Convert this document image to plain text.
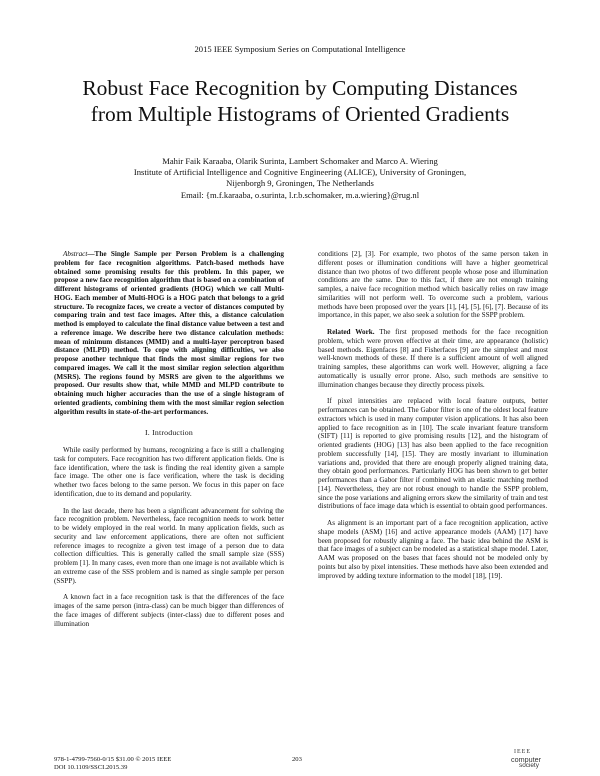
2015 IEEE Symposium Series on Computational Intelligence
Robust Face Recognition by Computing Distances
from Multiple Histograms of Oriented Gradients
Mahir Faik Karaaba, Olarik Surinta, Lambert Schomaker and Marco A. Wiering
Institute of Artificial Intelligence and Cognitive Engineering (ALICE), University of Groningen,
Nijenborgh 9, Groningen, The Netherlands
Email: {m.f.karaaba, o.surinta, l.r.b.schomaker, m.a.wiering}@rug.nl

Abstract—The Single Sample per Person Problem is a challenging problem for face recognition algorithms. Patch-based methods have obtained some promising results for this problem. In this paper, we propose a new face recognition algorithm that is based on a combination of different histograms of oriented gradients (HOG) which we call Multi-HOG. Each member of Multi-HOG is a HOG patch that belongs to a grid structure. To recognize faces, we create a vector of distances computed by comparing train and test face images. After this, a distance calculation method is employed to calculate the final distance value between a test and a reference image. We describe here two distance calculation methods: mean of minimum distances (MMD) and a multi-layer perceptron based distance (MLPD) method. To cope with aligning difficulties, we also propose another technique that finds the most similar regions for two compared images. We call it the most similar region selection algorithm (MSRS). The regions found by MSRS are given to the algorithms we proposed. Our results show that, while MMD and MLPD contribute to obtaining much higher accuracies than the use of a single histogram of oriented gradients, combining them with the most similar region selection algorithm results in state-of-the-art performances.

I. Introduction

While easily performed by humans, recognizing a face is still a challenging task for computers. Face recognition has two different application fields. One is face identification, where the task is finding the real identity given a sample face image. The other one is face verification, where the task is deciding whether two faces belong to the same person. We focus in this paper on face identification, due to its demand and popularity.

In the last decade, there has been a significant advancement for solving the face recognition problem. Nevertheless, face recognition needs to work better to be widely employed in the real world. In many application fields, such as security and law enforcement applications, there are often not sufficient reference images to recognize a given test image of a person due to data collection difficulties. This is generally called the small sample size (SSS) problem [1]. In many cases, even more than one image is not available which is an extreme case of the SSS problem and is named as single sample per person (SSPP).

A known fact in a face recognition task is that the differences of the face images of the same person (intra-class) can be much bigger than differences of the face images of different subjects (inter-class) due to different poses and illumination

conditions [2], [3]. For example, two photos of the same person taken in different poses or illumination conditions will have a higher geometrical distance than two photos of two different people whose pose and illumination conditions are the same. Due to this fact, if there are not enough training samples, a naive face recognition method which basically relies on raw image similarities will not perform well. To overcome such a problem, various methods have been proposed over the years [1], [4], [5], [6], [7]. Because of its importance, in this paper, we also seek a solution for the SSPP problem.

Related Work. The first proposed methods for the face recognition problem, which were proven effective at their time, are appearance (holistic) based methods. Eigenfaces [8] and Fisherfaces [9] are the simplest and most well-known methods of these. If there is a sufficient amount of well aligned training samples, these algorithms can work well. However, aligning a face automatically is usually error prone. Also, such methods are sensitive to illumination changes because they directly process pixels.

If pixel intensities are replaced with local feature outputs, better performances can be obtained. The Gabor filter is one of the oldest local feature extractors which is used in many computer vision applications. It has also been applied to face recognition as in [10]. The scale invariant feature transform (SIFT) [11] is reported to give promising results [12], and the histogram of oriented gradients (HOG) [13] has also been applied to the face recognition problem successfully [14], [15]. They are mostly invariant to illumination variations and, provided that there are enough properly aligned training data, they obtain good performances. Particularly HOG has been shown to get better performances than a Gabor filter if combined with an elastic matching method [14]. Nevertheless, they are not robust enough to handle the SSPP problem, since the pose variations and aligning errors skew the similarity of train and test distributions of face image data which is essential to obtain good performances.

As alignment is an important part of a face recognition application, active shape models (ASM) [16] and active appearance models (AAM) [17] have been proposed for robustly aligning a face. The basic idea behind the ASM is that face images of a subject can be modeled as a statistical shape model. Later, AAM was proposed on the bases that faces should not be modeled only by points but also by pixel intensities. These methods have also been extended and improved by adding texture information to the model [18], [19].

978-1-4799-7560-0/15 $31.00 © 2015 IEEE
DOI 10.1109/SSCI.2015.39
203
IEEE
computer
society
